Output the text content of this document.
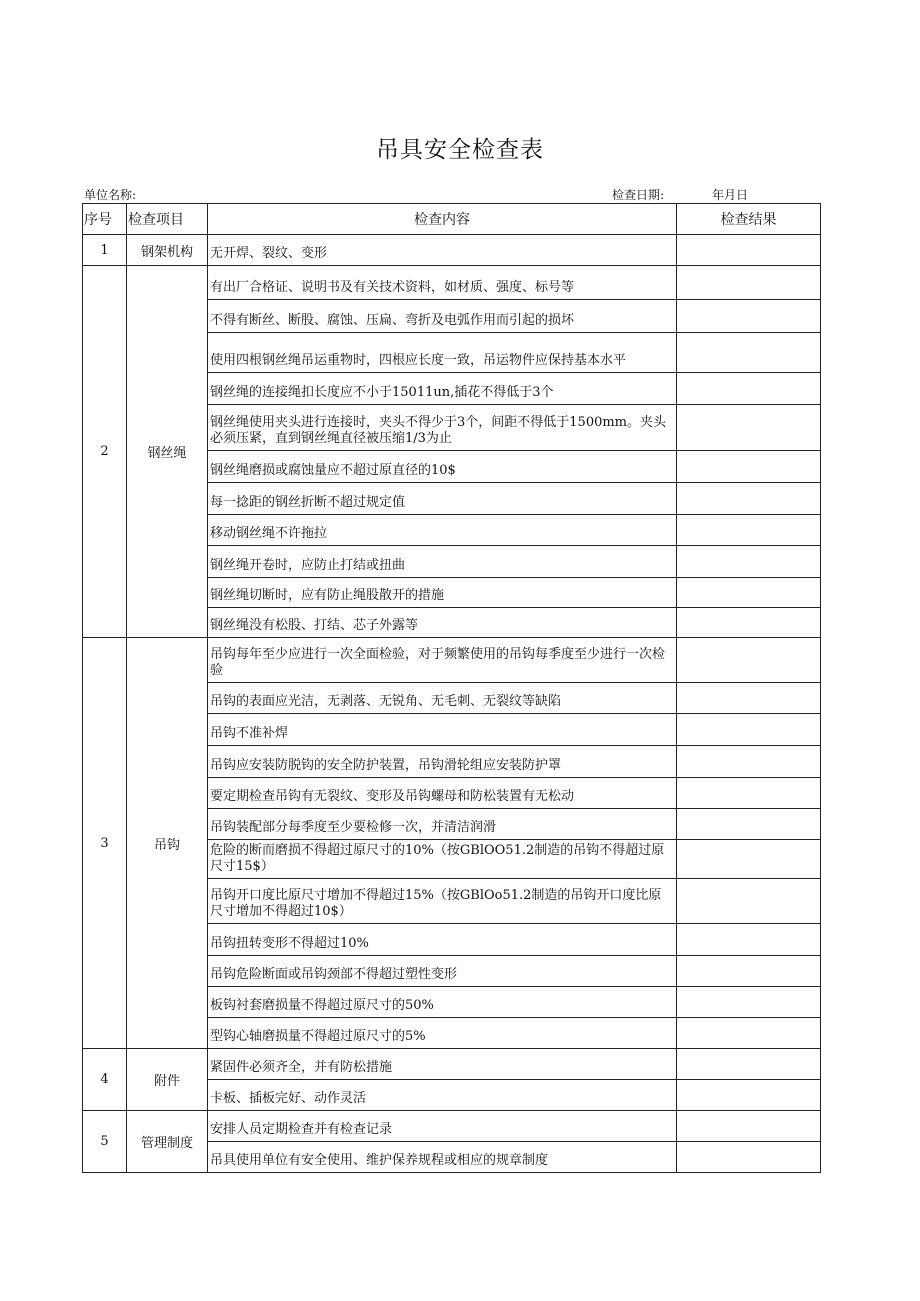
吊具安全检查表
单位名称:	检查日期:	年月日
序号	检查项目	检查内容	检查结果
1	钢架机构	无开焊、裂纹、变形	
2	钢丝绳	有出厂合格证、说明书及有关技术资料，如材质、强度、标号等	
		不得有断丝、断股、腐蚀、压扁、弯折及电弧作用而引起的损坏	
		使用四根钢丝绳吊运重物时，四根应长度一致，吊运物件应保持基本水平	
		钢丝绳的连接绳扣长度应不小于15011un,插花不得低于3个	
		钢丝绳使用夹头进行连接时，夹头不得少于3个，间距不得低于1500mm。夹头必须压紧，直到钢丝绳直径被压缩1/3为止	
		钢丝绳磨损或腐蚀量应不超过原直径的10$	
		每一捻距的钢丝折断不超过规定值	
		移动钢丝绳不许拖拉	
		钢丝绳开卷时，应防止打结或扭曲	
		钢丝绳切断时，应有防止绳股散开的措施	
		钢丝绳没有松股、打结、芯子外露等	
3	吊钩	吊钩每年至少应进行一次全面检验，对于频繁使用的吊钩每季度至少进行一次检验	
		吊钩的表面应光洁，无剥落、无锐角、无毛刺、无裂纹等缺陷	
		吊钩不准补焊	
		吊钩应安装防脱钩的安全防护装置，吊钩滑轮组应安装防护罩	
		要定期检查吊钩有无裂纹、变形及吊钩螺母和防松装置有无松动	
		吊钩装配部分每季度至少要检修一次，并清洁润滑	
		危险的断而磨损不得超过原尺寸的10%（按GBlOO51.2制造的吊钩不得超过原尺寸15$）	
		吊钩开口度比原尺寸增加不得超过15%（按GBlOo51.2制造的吊钩开口度比原尺寸增加不得超过10$）	
		吊钩扭转变形不得超过10%	
		吊钩危险断面或吊钩颈部不得超过塑性变形	
		板钩衬套磨损量不得超过原尺寸的50%	
		型钩心轴磨损量不得超过原尺寸的5%	
4	附件	紧固件必须齐全，并有防松措施	
		卡板、插板完好、动作灵活	
5	管理制度	安排人员定期检查并有检查记录	
		吊具使用单位有安全使用、维护保养规程或相应的规章制度	
